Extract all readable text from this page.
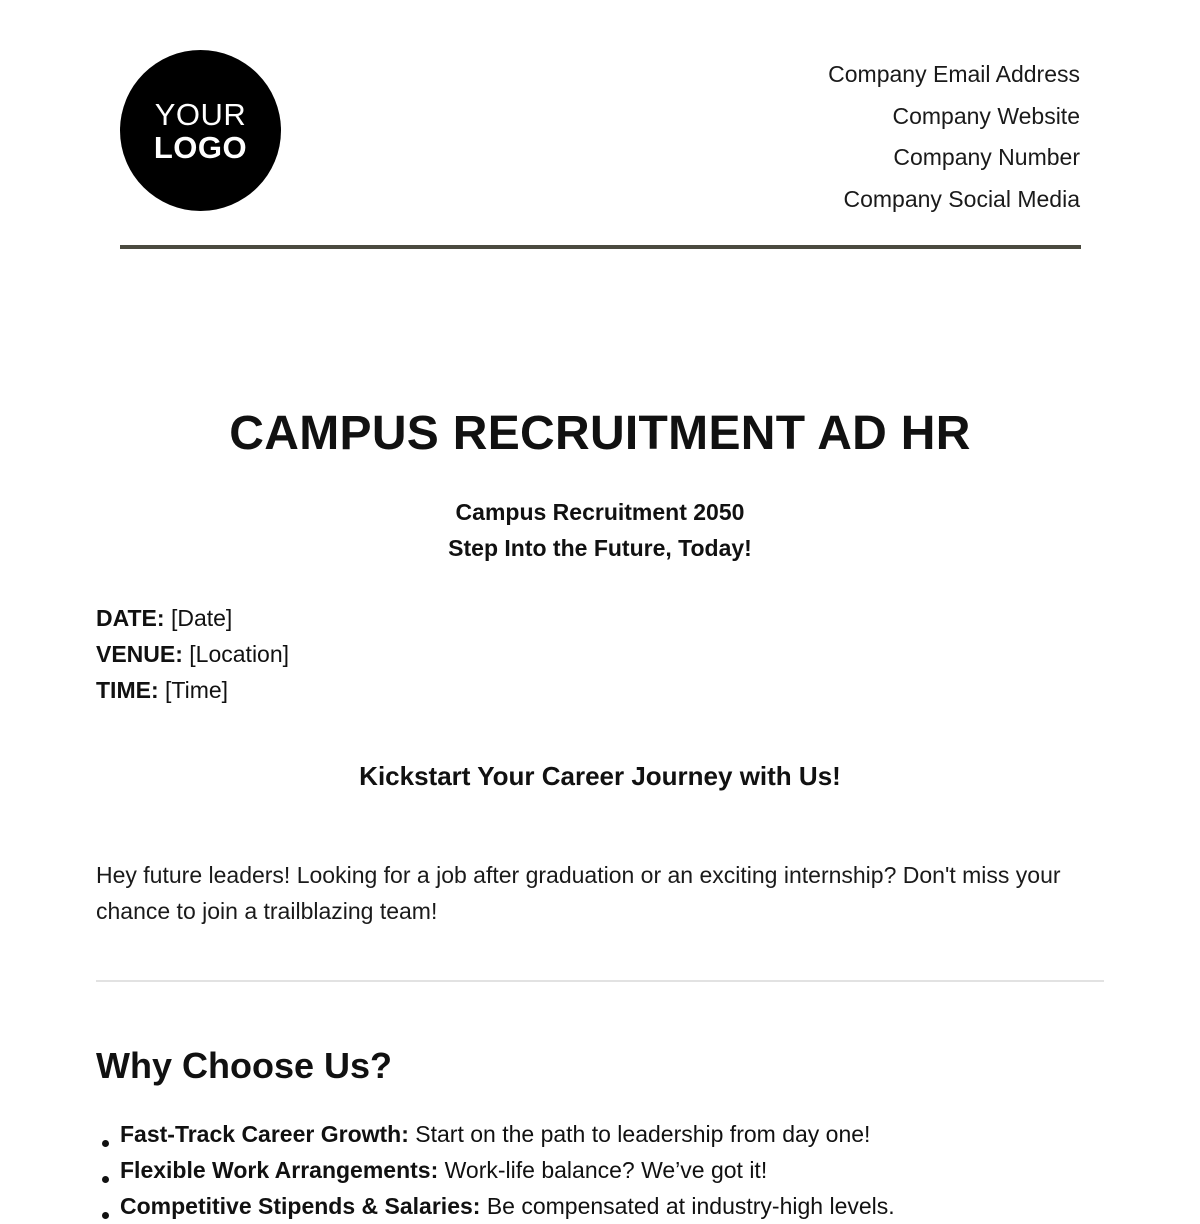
YOUR
LOGO
Company Email Address
Company Website
Company Number
Company Social Media
CAMPUS RECRUITMENT AD HR
Campus Recruitment 2050
Step Into the Future, Today!
DATE: [Date]
VENUE: [Location]
TIME: [Time]
Kickstart Your Career Journey with Us!
Hey future leaders! Looking for a job after graduation or an exciting internship? Don't miss your chance to join a trailblazing team!
Why Choose Us?
Fast-Track Career Growth: Start on the path to leadership from day one!
Flexible Work Arrangements: Work-life balance? We’ve got it!
Competitive Stipends & Salaries: Be compensated at industry-high levels.
